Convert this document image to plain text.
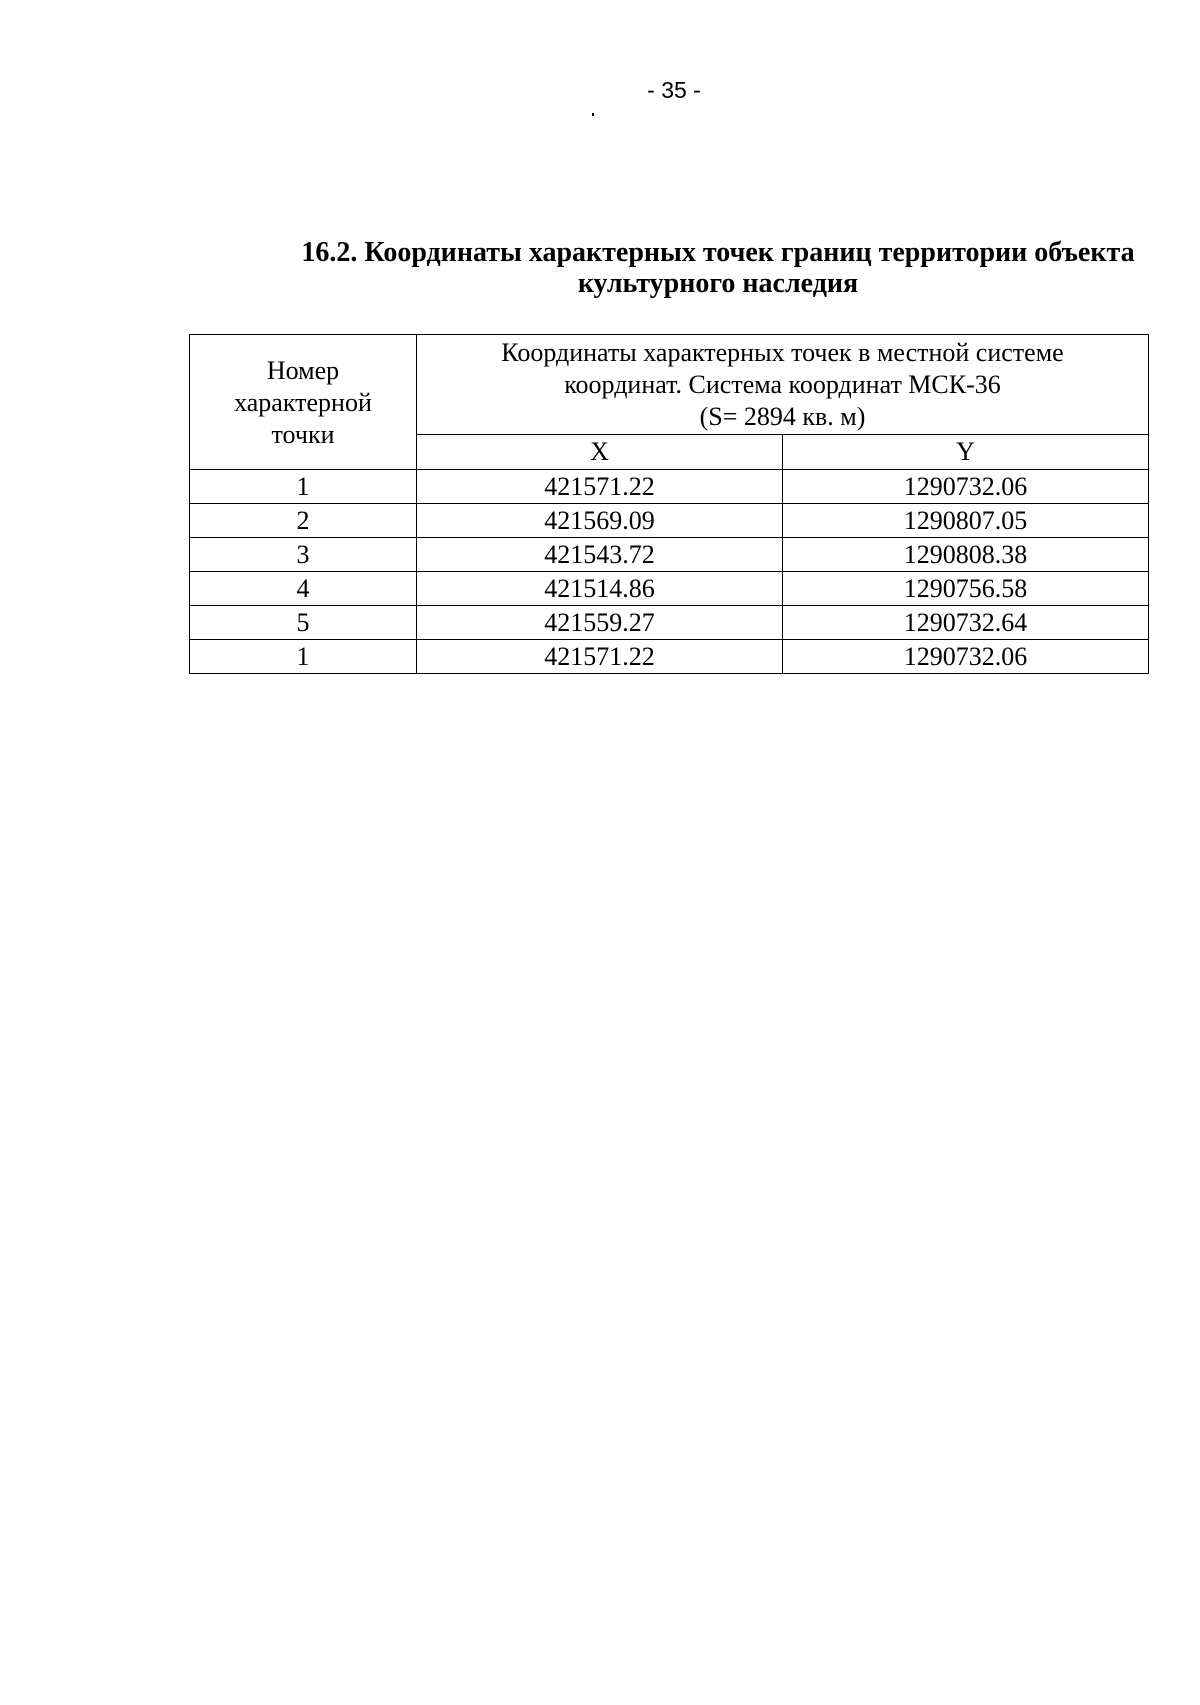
- 35 -
16.2. Координаты характерных точек границ территории объекта
культурного наследия
Номер
характерной
точки	Координаты характерных точек в местной системе
координат. Система координат МСК-36
(S= 2894 кв. м)	

	X	Y
1	421571.22	1290732.06
2	421569.09	1290807.05
3	421543.72	1290808.38
4	421514.86	1290756.58
5	421559.27	1290732.64
1	421571.22	1290732.06
